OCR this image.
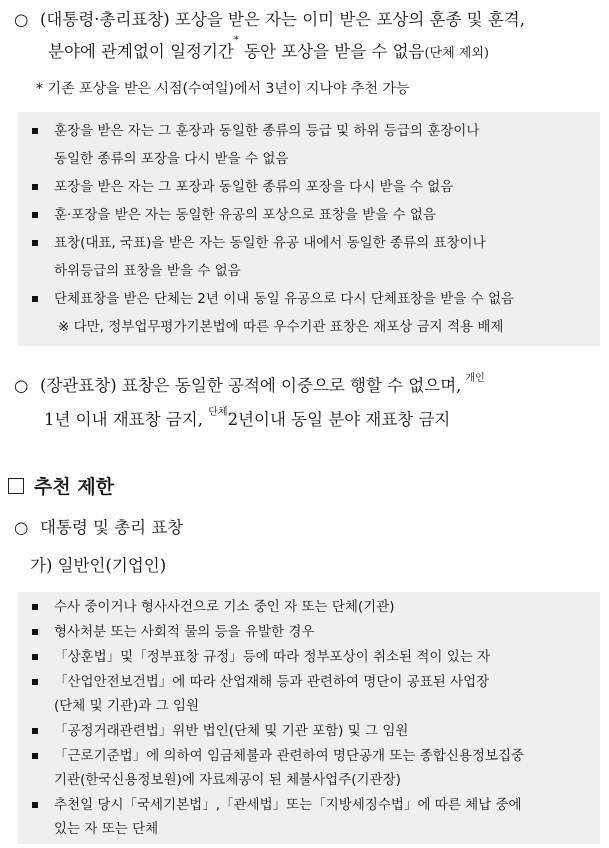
○ (대통령·총리표창) 포상을 받은 자는 이미 받은 포상의 훈종 및 훈격,
분야에 관계없이 일정기간* 동안 포상을 받을 수 없음(단체 제외)
* 기존 포상을 받은 시점(수여일)에서 3년이 지나야 추천 가능
훈장을 받은 자는 그 훈장과 동일한 종류의 등급 및 하위 등급의 훈장이나
동일한 종류의 포장을 다시 받을 수 없음
포장을 받은 자는 그 포장과 동일한 종류의 포장을 다시 받을 수 없음
훈·포장을 받은 자는 동일한 유공의 포상으로 표창을 받을 수 없음
표창(대표, 국표)을 받은 자는 동일한 유공 내에서 동일한 종류의 표창이나
하위등급의 표창을 받을 수 없음
단체표창을 받은 단체는 2년 이내 동일 유공으로 다시 단체표창을 받을 수 없음
※ 다만, 정부업무평가기본법에 따른 우수기관 표창은 재포상 금지 적용 배제
○ (장관표창) 표창은 동일한 공적에 이중으로 행할 수 없으며, $^{개인}$
1년 이내 재표창 금지, $^{단체}$2년이내 동일 분야 재표창 금지
추천 제한
○ 대통령 및 총리 표창
가) 일반인(기업인)
수사 중이거나 형사사건으로 기소 중인 자 또는 단체(기관)
형사처분 또는 사회적 물의 등을 유발한 경우
「상훈법」및「정부표창 규정」등에 따라 정부포상이 취소된 적이 있는 자
「산업안전보건법」에 따라 산업재해 등과 관련하여 명단이 공표된 사업장
(단체 및 기관)과 그 임원
「공정거래관련법」위반 법인(단체 및 기관 포함) 및 그 임원
「근로기준법」에 의하여 임금체불과 관련하여 명단공개 또는 종합신용정보집중
기관(한국신용정보원)에 자료제공이 된 체불사업주(기관장)
추천일 당시「국세기본법」,「관세법」또는「지방세징수법」에 따른 체납 중에
있는 자 또는 단체
